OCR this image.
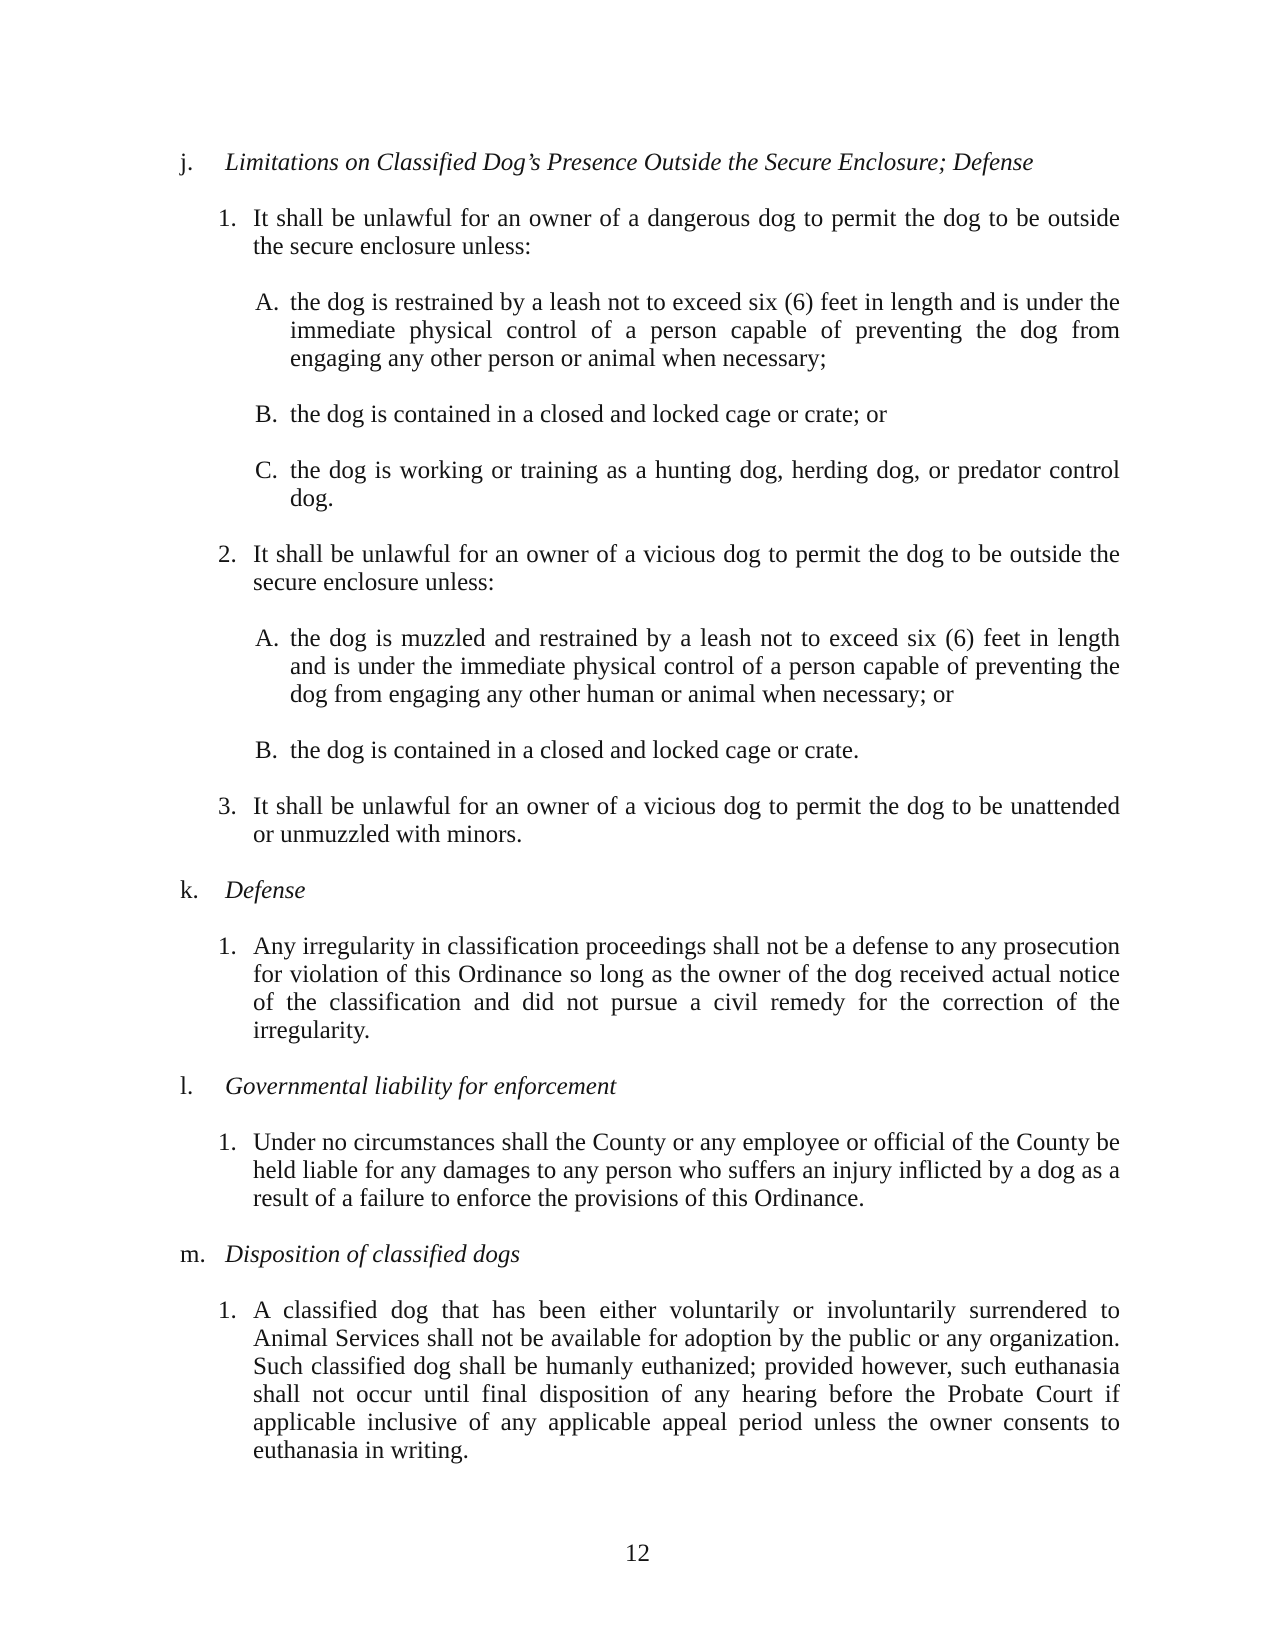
j.	Limitations on Classified Dog’s Presence Outside the Secure Enclosure; Defense
1. It shall be unlawful for an owner of a dangerous dog to permit the dog to be outside the secure enclosure unless:
A. the dog is restrained by a leash not to exceed six (6) feet in length and is under the immediate physical control of a person capable of preventing the dog from engaging any other person or animal when necessary;
B. the dog is contained in a closed and locked cage or crate; or
C. the dog is working or training as a hunting dog, herding dog, or predator control dog.
2. It shall be unlawful for an owner of a vicious dog to permit the dog to be outside the secure enclosure unless:
A. the dog is muzzled and restrained by a leash not to exceed six (6) feet in length and is under the immediate physical control of a person capable of preventing the dog from engaging any other human or animal when necessary; or
B. the dog is contained in a closed and locked cage or crate.
3. It shall be unlawful for an owner of a vicious dog to permit the dog to be unattended or unmuzzled with minors.
k.	Defense
1. Any irregularity in classification proceedings shall not be a defense to any prosecution for violation of this Ordinance so long as the owner of the dog received actual notice of the classification and did not pursue a civil remedy for the correction of the irregularity.
l.	Governmental liability for enforcement
1. Under no circumstances shall the County or any employee or official of the County be held liable for any damages to any person who suffers an injury inflicted by a dog as a result of a failure to enforce the provisions of this Ordinance.
m. Disposition of classified dogs
1. A classified dog that has been either voluntarily or involuntarily surrendered to Animal Services shall not be available for adoption by the public or any organization. Such classified dog shall be humanly euthanized; provided however, such euthanasia shall not occur until final disposition of any hearing before the Probate Court if applicable inclusive of any applicable appeal period unless the owner consents to euthanasia in writing.
12
